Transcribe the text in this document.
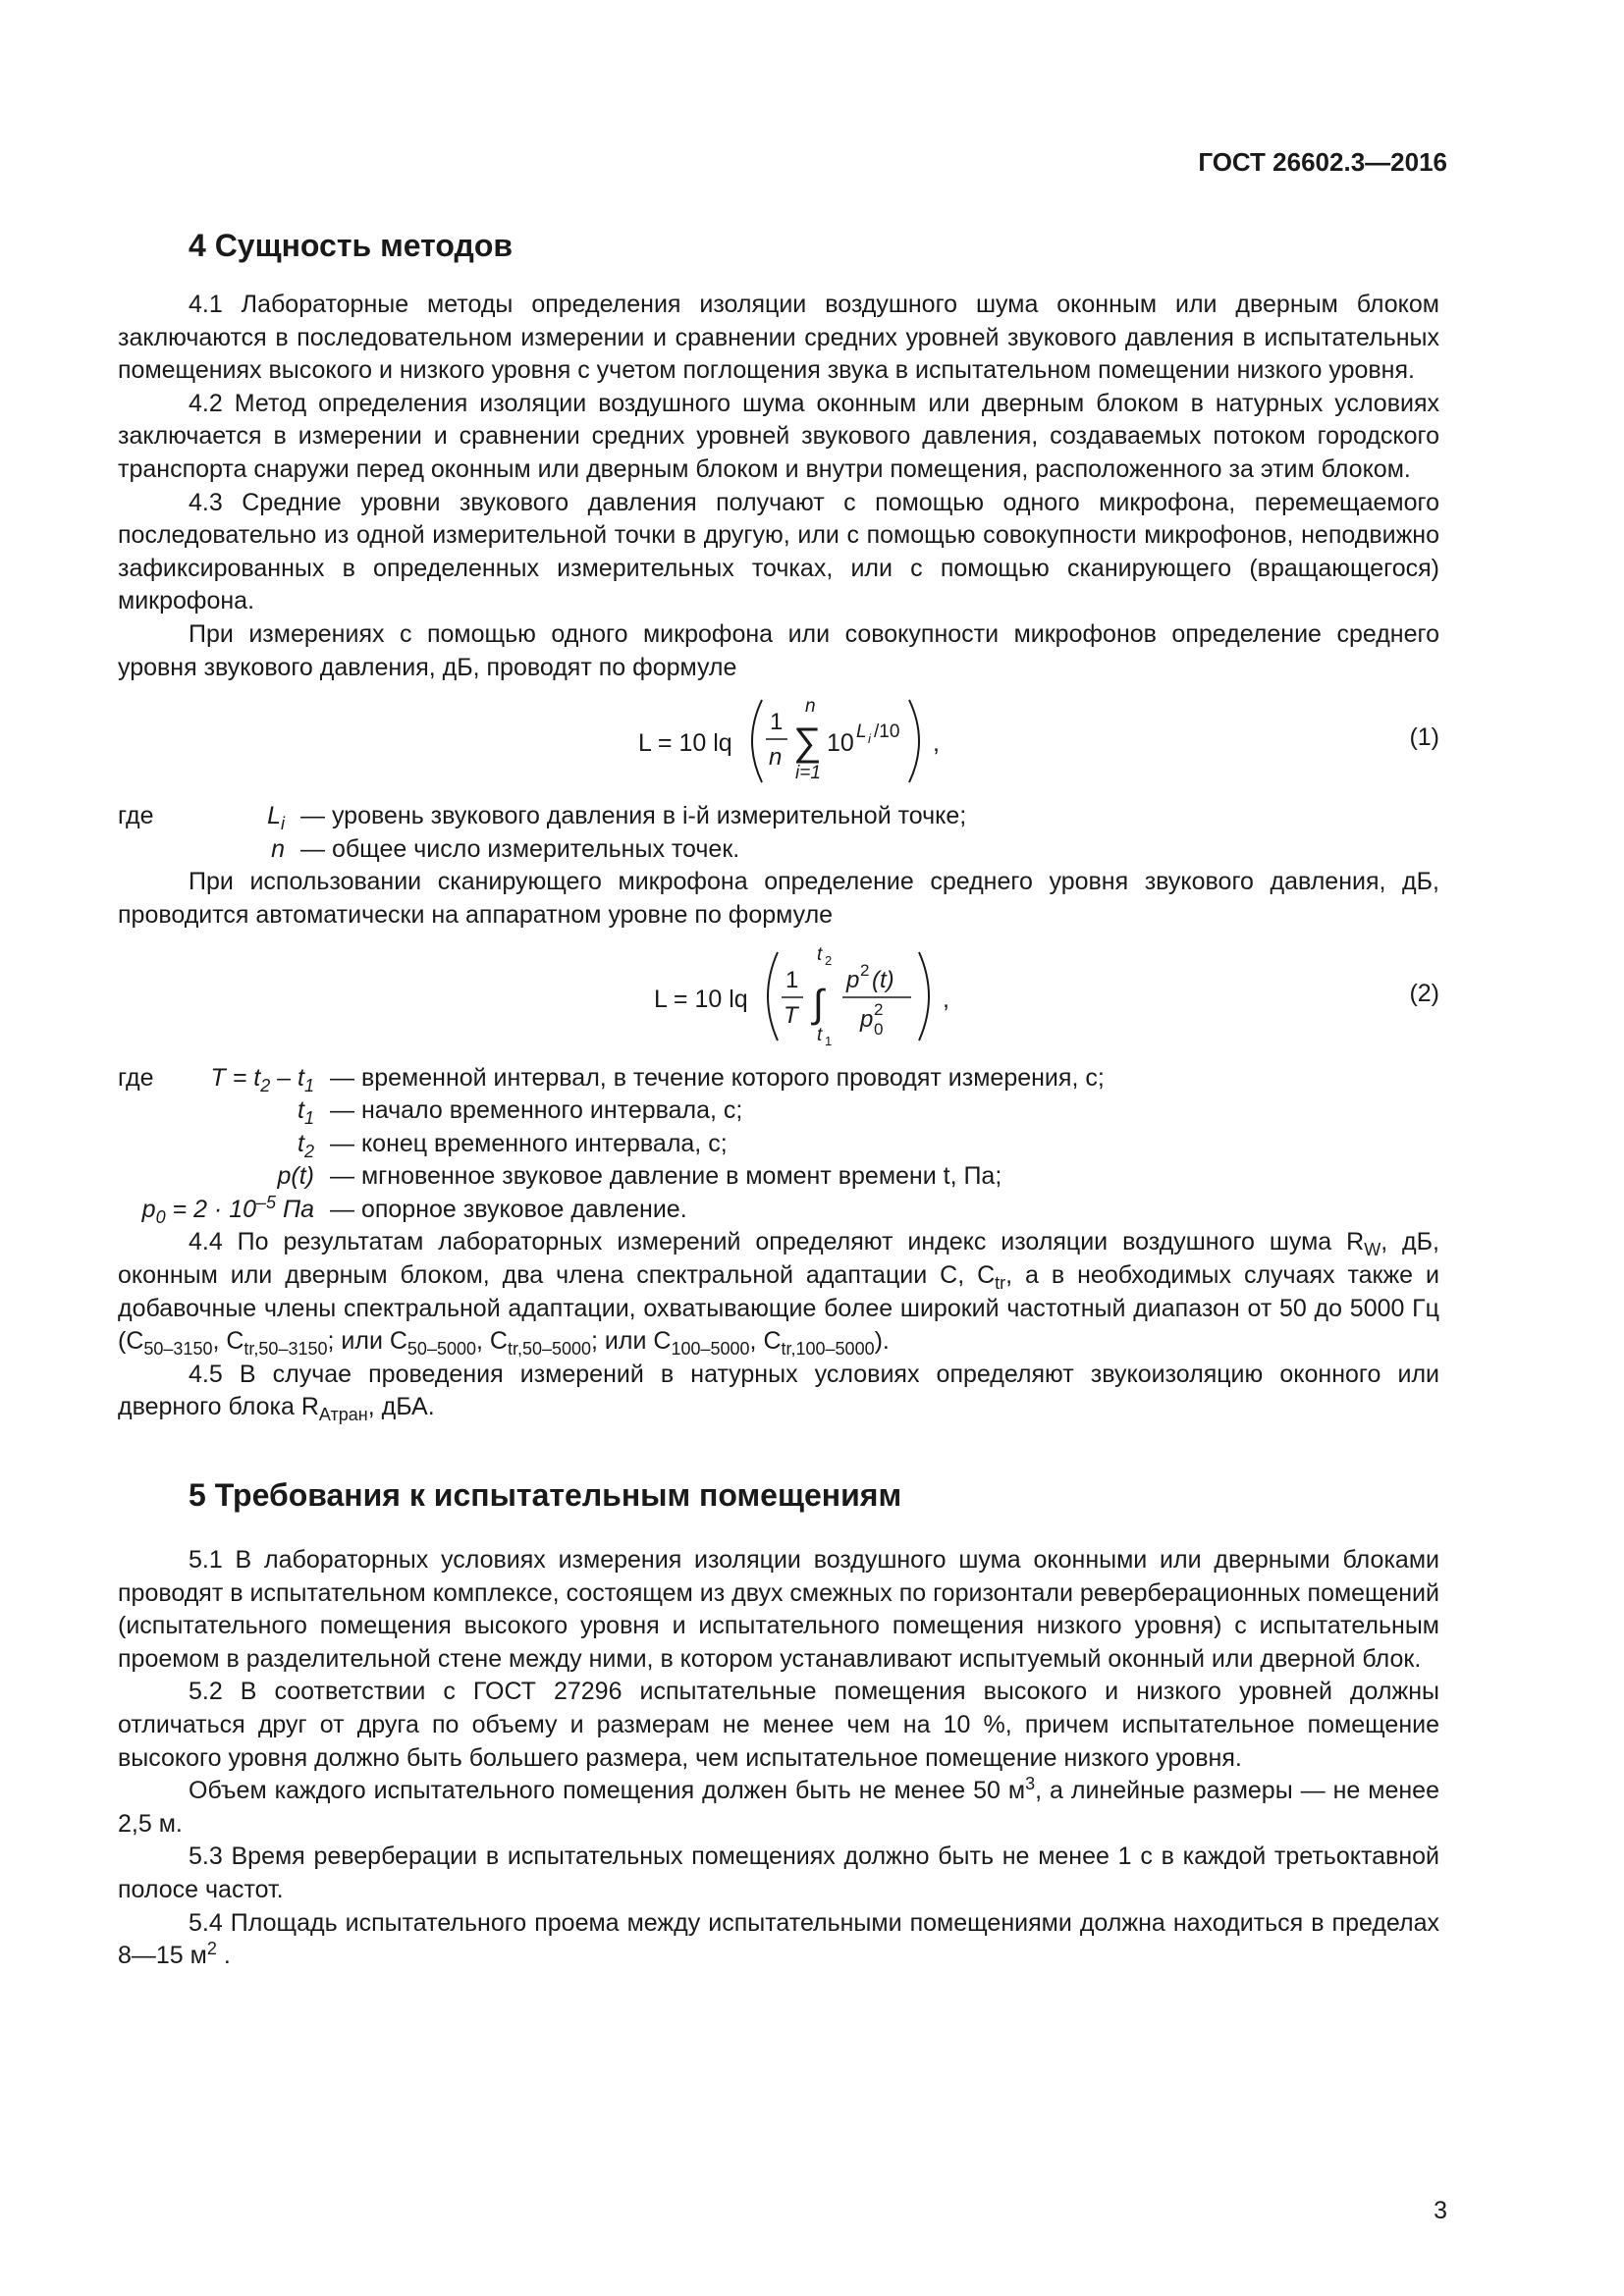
ГОСТ 26602.3—2016
4 Сущность методов

4.1 Лабораторные методы определения изоляции воздушного шума оконным или дверным блоком заключаются в последовательном измерении и сравнении средних уровней звукового давления в испытательных помещениях высокого и низкого уровня с учетом поглощения звука в испытательном помещении низкого уровня.

4.2 Метод определения изоляции воздушного шума оконным или дверным блоком в натурных условиях заключается в измерении и сравнении средних уровней звукового давления, создаваемых потоком городского транспорта снаружи перед оконным или дверным блоком и внутри помещения, расположенного за этим блоком.

4.3 Средние уровни звукового давления получают с помощью одного микрофона, перемещаемого последовательно из одной измерительной точки в другую, или с помощью совокупности микрофонов, неподвижно зафиксированных в определенных измерительных точках, или с помощью сканирующего (вращающегося) микрофона.

При измерениях с помощью одного микрофона или совокупности микрофонов определение среднего уровня звукового давления, дБ, проводят по формуле

L = 10 lq
1
n
n
∑
i=1
10 L i /10 ,	(1)
где	$L_i$ — уровень звукового давления в i-й измерительной точке;
n — общее число измерительных точек.

При использовании сканирующего микрофона определение среднего уровня звукового давления, дБ, проводится автоматически на аппаратном уровне по формуле

L = 10 lq
1
T
t 2
∫
t 1
p 2 (t)
p 2
0
,	(2)
где	$T = t_2 - t_1$ — временной интервал, в течение которого проводят измерения, с;
$t_1$ — начало временного интервала, с;
$t_2$ — конец временного интервала, с;
p(t) — мгновенное звуковое давление в момент времени t, Па;
$p_0 = 2 \cdot 10^{-5}$ Па — опорное звуковое давление.

4.4 По результатам лабораторных измерений определяют индекс изоляции воздушного шума $R_W$, дБ, оконным или дверным блоком, два члена спектральной адаптации C, $C_{tr}$, а в необходимых случаях также и добавочные члены спектральной адаптации, охватывающие более широкий частотный диапазон от 50 до 5000 Гц ($C_{50-3150}$, $C_{tr,50-3150}$; или $C_{50-5000}$, $C_{tr,50-5000}$; или $C_{100-5000}$, $C_{tr,100-5000}$).

4.5 В случае проведения измерений в натурных условиях определяют звукоизоляцию оконного или дверного блока $R_{Атран}$, дБА.

5 Требования к испытательным помещениям

5.1 В лабораторных условиях измерения изоляции воздушного шума оконными или дверными блоками проводят в испытательном комплексе, состоящем из двух смежных по горизонтали реверберационных помещений (испытательного помещения высокого уровня и испытательного помещения низкого уровня) с испытательным проемом в разделительной стене между ними, в котором устанавливают испытуемый оконный или дверной блок.

5.2 В соответствии с ГОСТ 27296 испытательные помещения высокого и низкого уровней должны отличаться друг от друга по объему и размерам не менее чем на 10 %, причем испытательное помещение высокого уровня должно быть большего размера, чем испытательное помещение низкого уровня.

Объем каждого испытательного помещения должен быть не менее 50 $м^3$, а линейные размеры — не менее 2,5 м.

5.3 Время реверберации в испытательных помещениях должно быть не менее 1 с в каждой третьоктавной полосе частот.

5.4 Площадь испытательного проема между испытательными помещениями должна находиться в пределах 8—15 $м^2$ .

3
